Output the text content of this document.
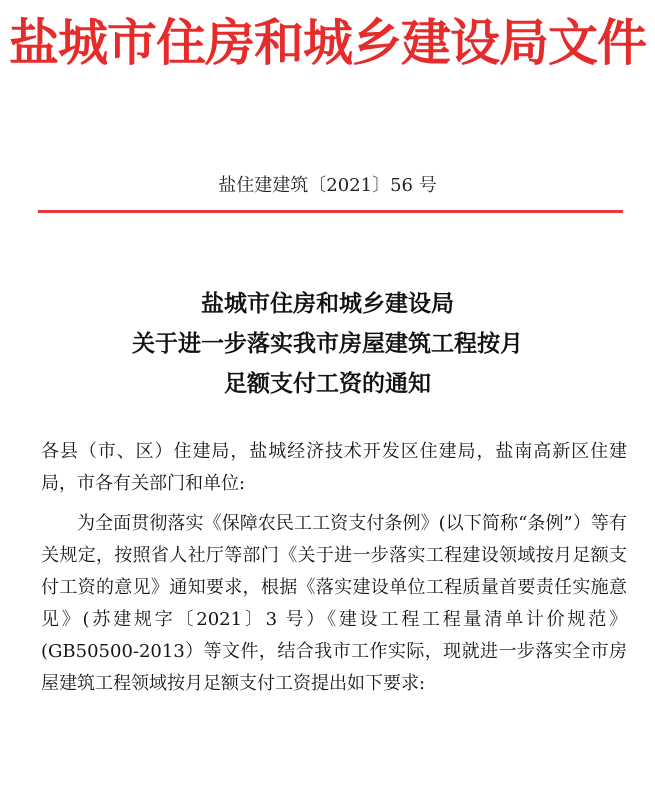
盐城市住房和城乡建设局文件
盐住建建筑〔2021〕56 号
盐城市住房和城乡建设局
关于进一步落实我市房屋建筑工程按月
足额支付工资的通知

各县（市、区）住建局，盐城经济技术开发区住建局，盐南高新区住建局，市各有关部门和单位:

为全面贯彻落实《保障农民工工资支付条例》(以下简称“条例”）等有关规定，按照省人社厅等部门《关于进一步落实工程建设领域按月足额支付工资的意见》通知要求，根据《落实建设单位工程质量首要责任实施意见》(苏建规字〔2021〕3 号）《建设工程工程量清单计价规范》(GB50500-2013）等文件，结合我市工作实际，现就进一步落实全市房屋建筑工程领域按月足额支付工资提出如下要求:
